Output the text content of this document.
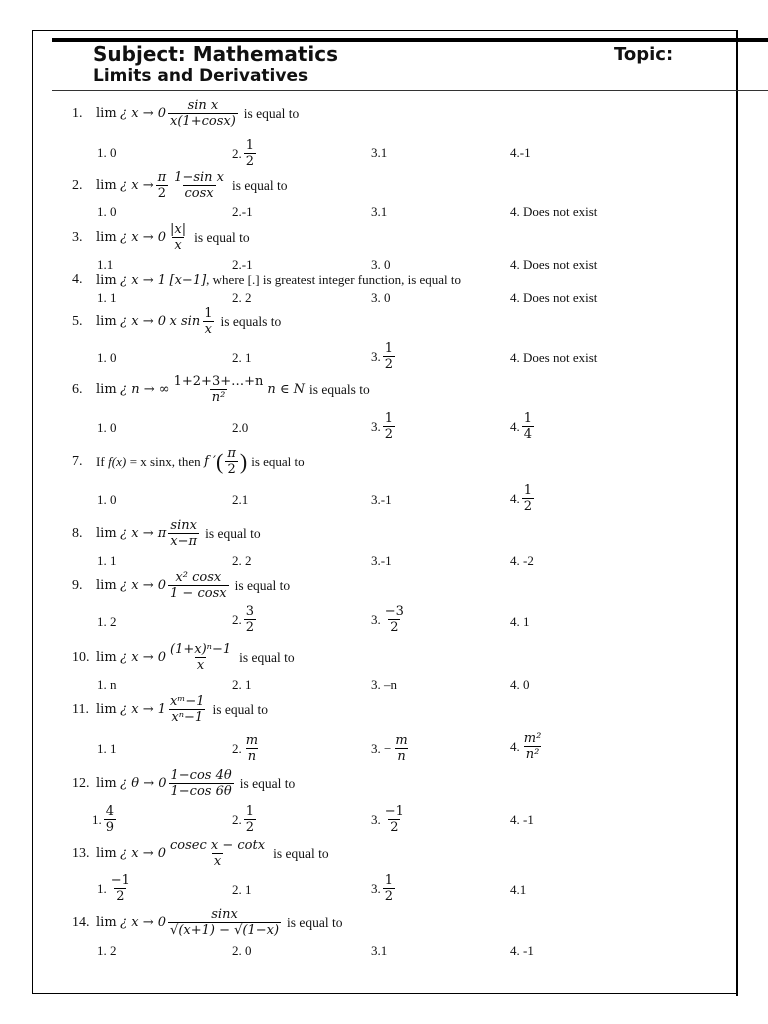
Subject: Mathematics	Topic:
Limits and Derivatives
1.	lim
¿ $x \to 0 \frac{\text{sin x}}{x(1+\cos x)}$ is equal to
1. 0	2. $\frac{1}{2}$	3.1	4.-1
2.	lim
¿ $x \to \frac{\pi}{2} \frac{\text{1−sin x}}{\cos x}$ is equal to
1. 0	2.-1	3.1	4. Does not exist
3.	lim
¿ $x \to 0 \frac{|x|}{x}$ is equal to
1.1	2.-1	3. 0	4. Does not exist
4.	lim
¿ x → 1
[x−1] , where [.] is greatest integer function, is equal to
1. 1	2. 2	3. 0	4. Does not exist
5.	lim
¿ x → 0
x $\sin \frac{1}{x}$ is equals to
1. 0	2. 1	3. $\frac{1}{2}$	4. Does not exist
6.	lim
¿ n → ∞ $\frac{1+2+3+\dots+n}{\text{n²}}$ n ∈ N is equals to
1. 0	2.0	3. $\frac{1}{2}$	4. $\frac{1}{4}$
7.	If
f(x)
= x sinx, then
f ′ ( $\frac{\pi}{2}$ ) is equal to
1. 0	2.1	3.-1	4. $\frac{1}{2}$
8.	lim
¿ x → π $\frac{\sin x}{x-\pi}$ is equal to
1. 1	2. 2	3.-1	4. -2
9.	lim
¿ $x \to 0 \frac{\text{x² cosx}}{1 - \cos x}$ is equal to
1. 2	2. $\frac{3}{2}$	3. $\frac{-3}{2}$	4. 1
10. lim
¿ $x \to 0 \frac{\text{(1+x)ⁿ−1}}{x}$ is equal to
1. n	2. 1	3. –n	4. 0
11. lim
¿ $x \to 1 \frac{\text{xᵐ−1}}{\text{xⁿ−1}}$ is equal to
1. 1	2. $\frac{m}{n}$	3. − $\frac{m}{n}$	4. $\frac{\text{m²}}{\text{n²}}$
12. lim
¿ $\theta \to 0 \frac{1-\cos 4\theta}{1-\cos 6\theta}$ is equal to
1. $\frac{4}{9}$	2. $\frac{1}{2}$	3. $\frac{-1}{2}$	4. -1
13. lim
¿ $x \to 0 \frac{\text{cosec x − cotx}}{x}$ is equal to
1. $\frac{-1}{2}$	2. 1	3. $\frac{1}{2}$	4.1
14. lim
¿ $x \to 0 \frac{\sin x}{√(x+1) - √(1-x)}$ is equal to
1. 2	2. 0	3.1	4. -1
